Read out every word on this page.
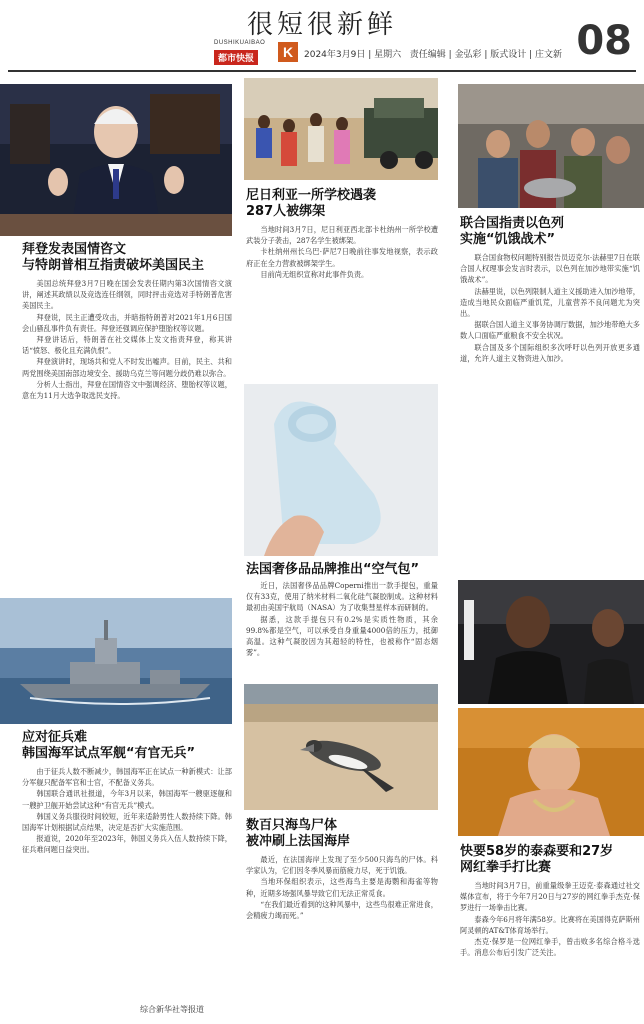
很短很新鲜
DUSHIKUAIBAO
都市快报	K	2024年3月9日 | 星期六 责任编辑 | 金弘彩 | 版式设计 | 庄文新 08
拜登发表国情咨文
与特朗普相互指责破坏美国民主

美国总统拜登3月7日晚在国会发表任期内第3次国情咨文演讲，阐述其政绩以及竞选连任纲领，同时抨击竞选对手特朗普危害美国民主。

拜登说，民主正遭受攻击，并暗指特朗普对2021年1月6日国会山骚乱事件负有责任。拜登还强调应保护堕胎权等议题。

拜登讲话后，特朗普在社交媒体上发文指责拜登，称其讲话“愤怒、极化且充满仇恨”。

拜登演讲时，现场共和党人不时发出嘘声。目前，民主、共和两党围绕美国南部边境安全、援助乌克兰等问题分歧仍难以弥合。

分析人士指出，拜登在国情咨文中强调经济、堕胎权等议题，意在为11月大选争取选民支持。

应对征兵难
韩国海军试点军舰“有官无兵”

由于征兵人数不断减少，韩国海军正在试点一种新模式：让部分军舰只配备军官和士官，不配备义务兵。

韩国联合通讯社报道，今年3月以来，韩国海军一艘驱逐舰和一艘护卫舰开始尝试这种“有官无兵”模式。

韩国义务兵服役时间较短，近年来适龄男性人数持续下降。韩国海军计划根据试点结果，决定是否扩大实施范围。

报道说，2020年至2023年，韩国义务兵入伍人数持续下降，征兵难问题日益突出。

综合新华社等报道
尼日利亚一所学校遇袭
287人被绑架

当地时间3月7日，尼日利亚西北部卡杜纳州一所学校遭武装分子袭击，287名学生被绑架。

卡杜纳州州长乌巴·萨尼7日晚前往事发地视察，表示政府正在全力营救被绑架学生。

目前尚无组织宣称对此事件负责。

法国奢侈品品牌推出“空气包”

近日，法国奢侈品品牌Coperni推出一款手提包，重量仅有33克，使用了纳米材料二氧化硅气凝胶制成。这种材料最初由美国宇航局（NASA）为了收集彗星样本而研制的。

据悉，这款手提包只有0.2%是实质性物质，其余99.8%都是空气，可以承受自身重量4000倍的压力，抵御高温。这种气凝胶因为其超轻的特性，也被称作“固态烟雾”。

数百只海鸟尸体
被冲刷上法国海岸

最近，在法国海岸上发现了至少500只海鸟的尸体。科学家认为，它们因冬季风暴而筋疲力尽，死于饥饿。

当地环保组织表示，这些海鸟主要是海鹦和海雀等物种，近期多场强风暴导致它们无法正常觅食。

“在我们最近看到的这种风暴中，这些鸟很难正常进食，会精疲力竭而死。”

联合国指责以色列
实施“饥饿战术”

联合国食物权问题特别报告员迈克尔·法赫里7日在联合国人权理事会发言时表示，以色列在加沙地带实施“饥饿战术”。

法赫里说，以色列限制人道主义援助进入加沙地带，造成当地民众面临严重饥荒，儿童营养不良问题尤为突出。

据联合国人道主义事务协调厅数据，加沙地带绝大多数人口面临严重粮食不安全状况。

联合国及多个国际组织多次呼吁以色列开放更多通道，允许人道主义物资进入加沙。

快要58岁的泰森要和27岁
网红拳手打比赛

当地时间3月7日，前重量级拳王迈克·泰森通过社交媒体宣布，将于今年7月20日与27岁的网红拳手杰克·保罗进行一场拳击比赛。

泰森今年6月将年满58岁。比赛将在美国得克萨斯州阿灵顿的AT&T体育场举行。

杰克·保罗是一位网红拳手，曾击败多名综合格斗选手。消息公布后引发广泛关注。
